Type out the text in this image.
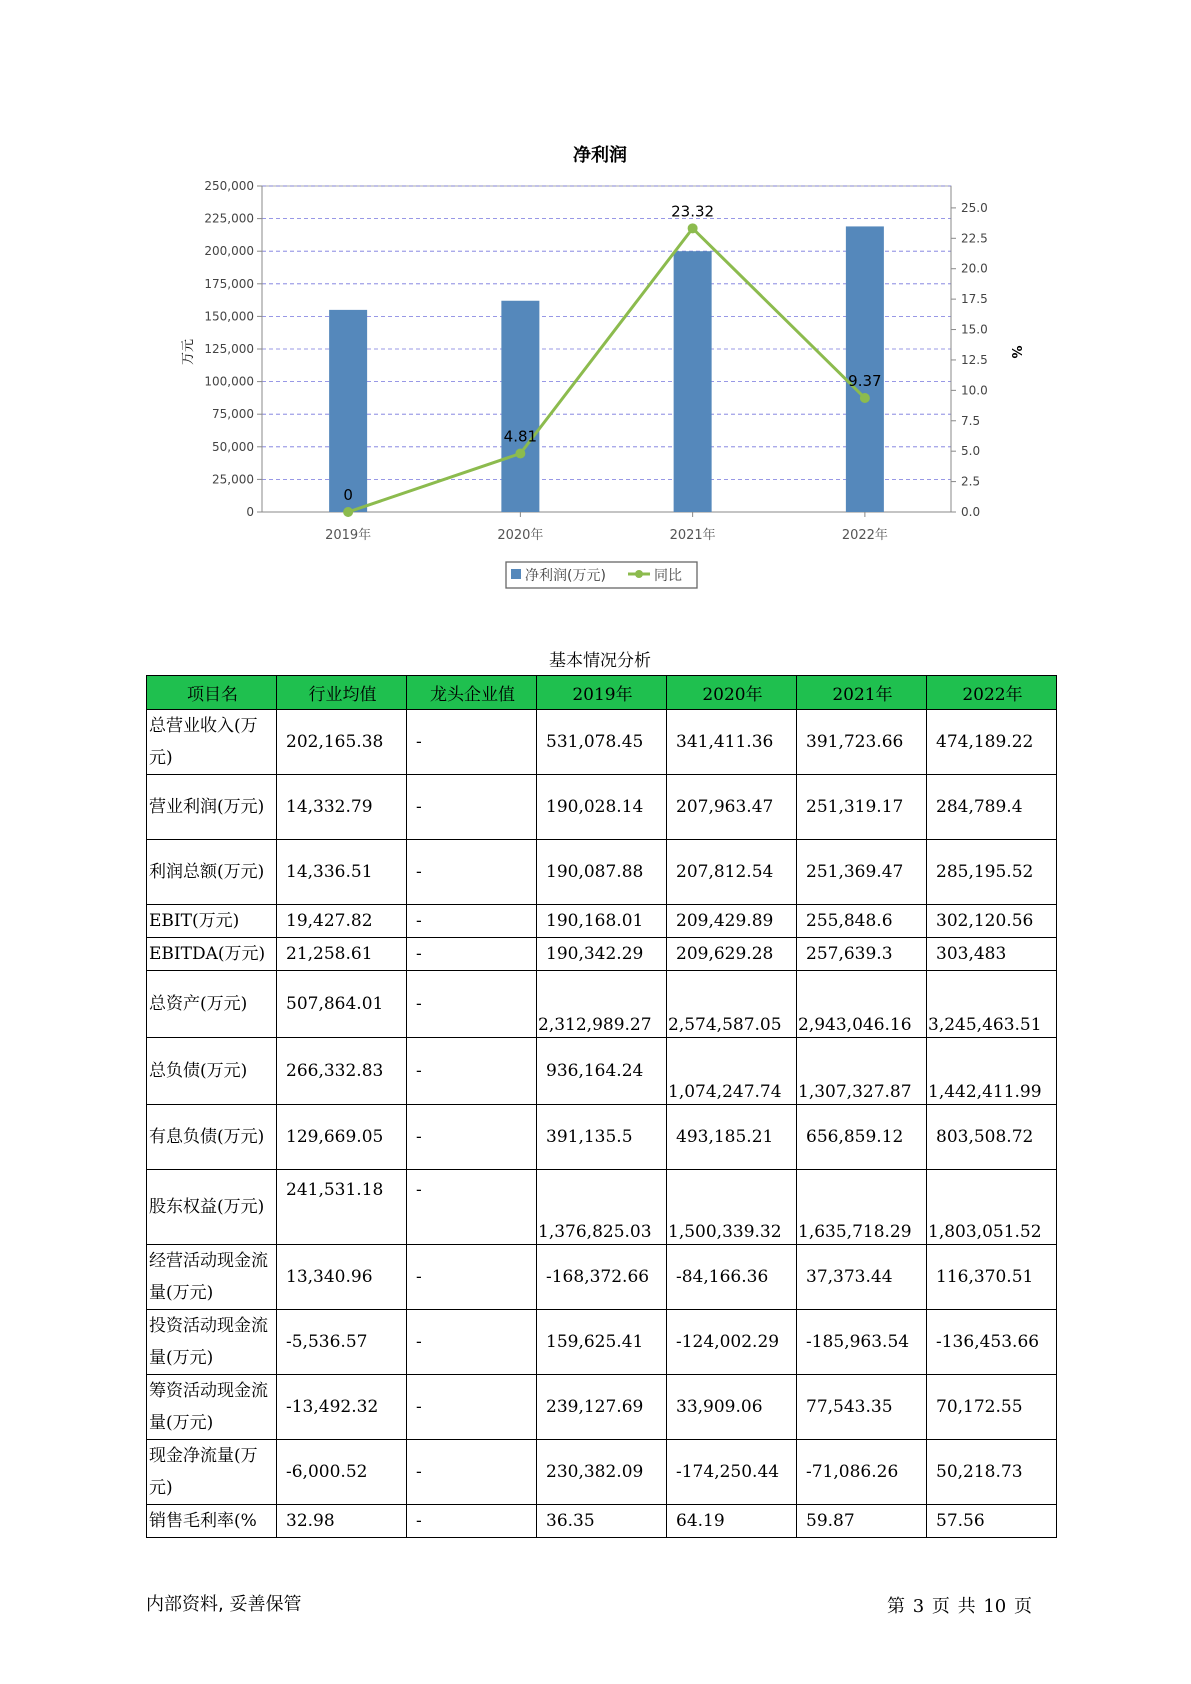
净利润
0
25,000
50,000
75,000
100,000
125,000
150,000
175,000
200,000
225,000
250,000
0.0
2.5
5.0
7.5
10.0
12.5
15.0
17.5
20.0
22.5
25.0
2019年	2020年	2021年	2022年
0
4.81
23.32
9.37
万元	%
净利润(万元)	同比
基本情况分析
项目名	行业均值	龙头企业值	2019年	2020年	2021年	2022年
总营业收入(万元)	202,165.38	-	531,078.45	341,411.36	391,723.66	474,189.22
营业利润(万元)	14,332.79	-	190,028.14	207,963.47	251,319.17	284,789.4
利润总额(万元)	14,336.51	-	190,087.88	207,812.54	251,369.47	285,195.52
EBIT(万元)	19,427.82	-	190,168.01	209,429.89	255,848.6	302,120.56
EBITDA(万元)	21,258.61	-	190,342.29	209,629.28	257,639.3	303,483
总资产(万元)	507,864.01	-	2,312,989.27	2,574,587.05	2,943,046.16	3,245,463.51
总负债(万元)	266,332.83	-	936,164.24	1,074,247.74	1,307,327.87	1,442,411.99
有息负债(万元)	129,669.05	-	391,135.5	493,185.21	656,859.12	803,508.72
股东权益(万元)	241,531.18	-	1,376,825.03	1,500,339.32	1,635,718.29	1,803,051.52
经营活动现金流量(万元)	13,340.96	-	-168,372.66	-84,166.36	37,373.44	116,370.51
投资活动现金流量(万元)	-5,536.57	-	159,625.41	-124,002.29	-185,963.54	-136,453.66
筹资活动现金流量(万元)	-13,492.32	-	239,127.69	33,909.06	77,543.35	70,172.55
现金净流量(万元)	-6,000.52	-	230,382.09	-174,250.44	-71,086.26	50,218.73
销售毛利率(%	32.98	-	36.35	64.19	59.87	57.56
内部资料, 妥善保管	第 3 页 共 10 页
